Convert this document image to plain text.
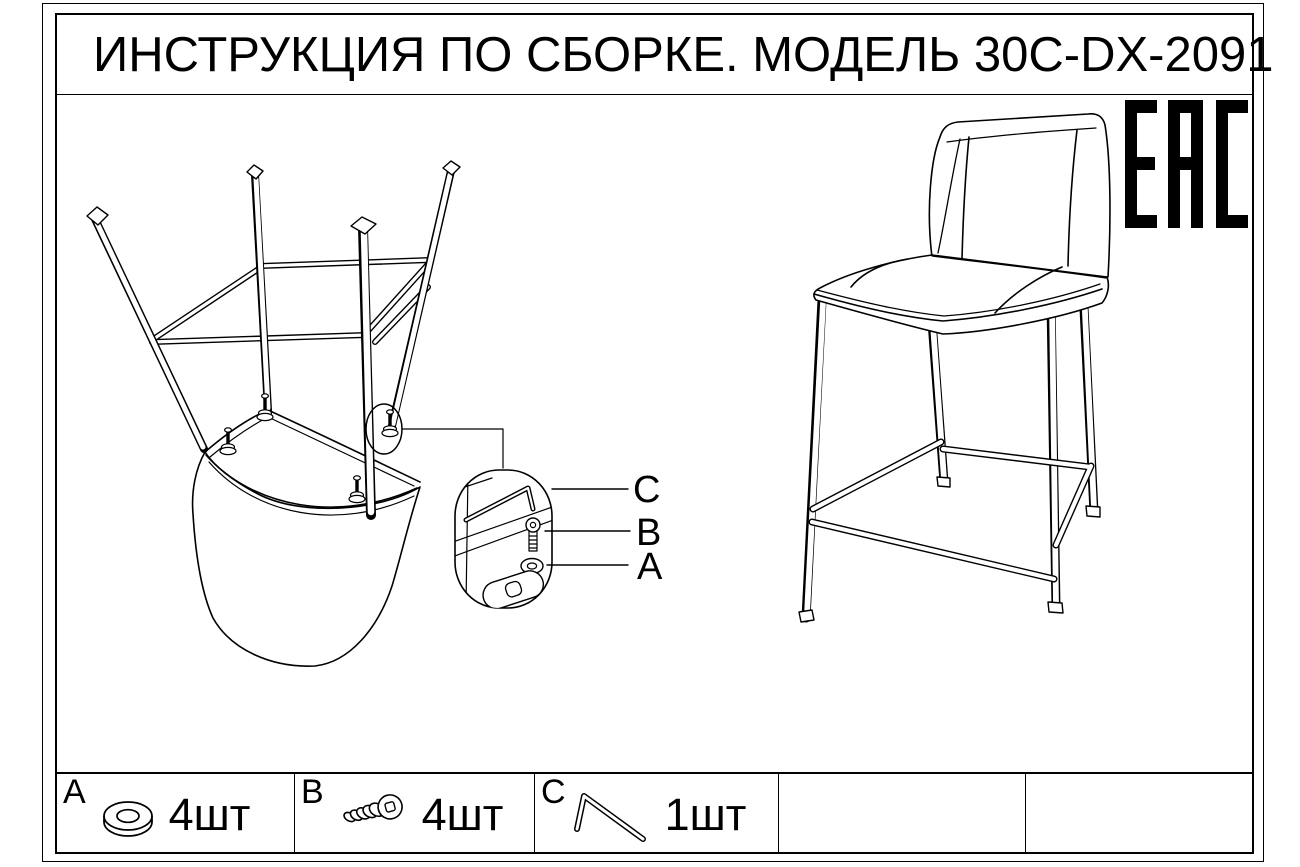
ИНСТРУКЦИЯ ПО СБОРКЕ. МОДЕЛЬ 30C-DX-2091
C
B
A
A 4шт B 4шт C 1шт
